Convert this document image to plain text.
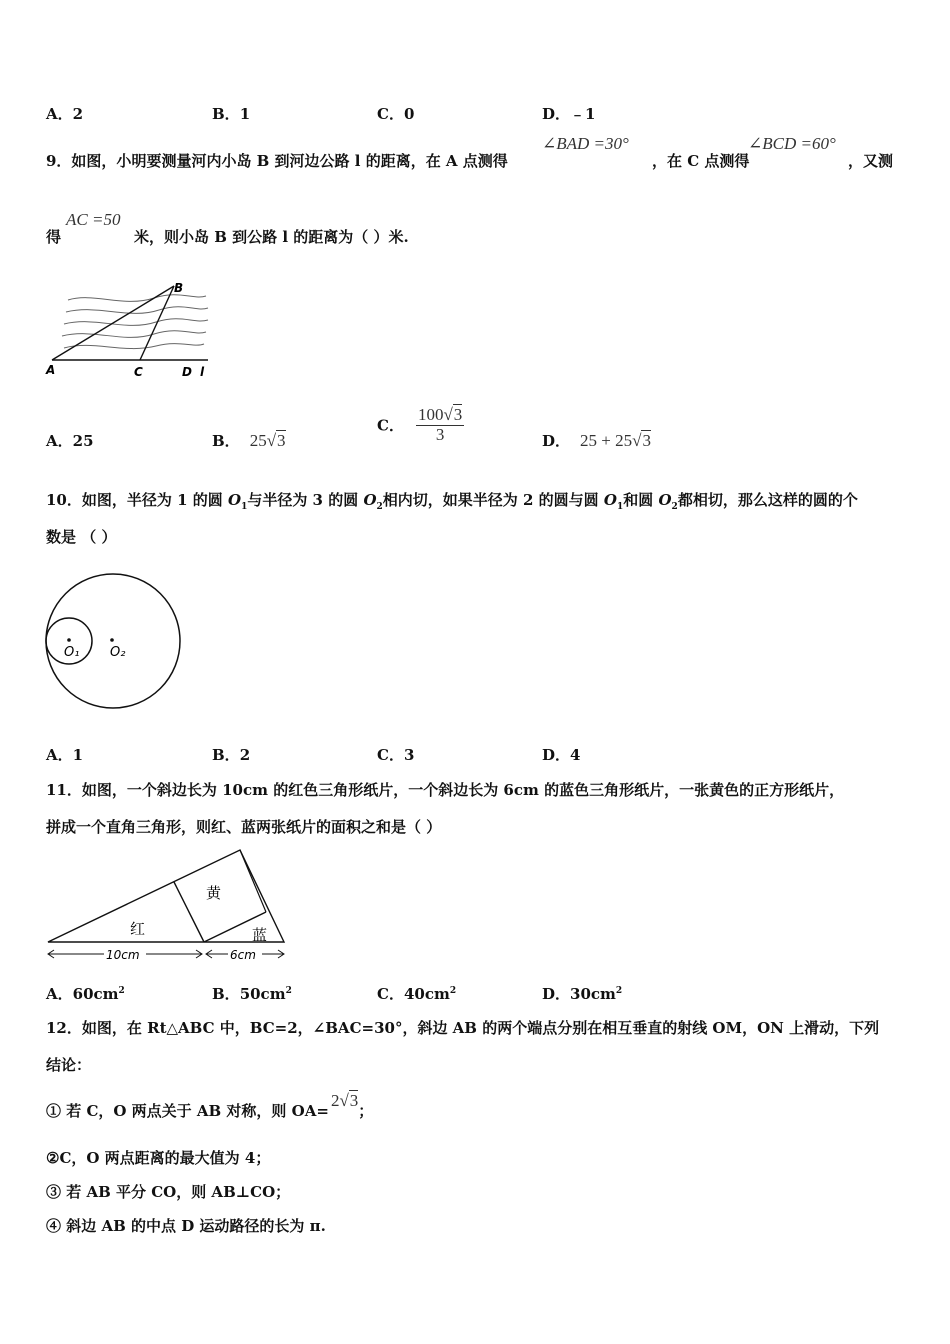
A．2	B．1	C．0	D．﹣1
9．如图，小明要测量河内小岛 B 到河边公路 l 的距离，在 A 点测得
∠BAD =30°
，在 C 点测得
∠BCD =60°
，又测
得
AC =50
米，则小岛 B 到公路 l 的距离为（ ）米.
A
B
C	D l
A．25	B． 25√3
C． $\frac{100√3}{3}$	D． 25 + 25√3
10．如图，半径为 1 的圆 $O_1$与半径为 3 的圆 $O_2$相内切，如果半径为 2 的圆与圆 $O_1$和圆 $O_2$都相切，那么这样的圆的个
数是 （ ）
O₁ O₂
A．1	B．2	C．3	D．4
11．如图，一个斜边长为 10cm 的红色三角形纸片，一个斜边长为 6cm 的蓝色三角形纸片，一张黄色的正方形纸片，
拼成一个直角三角形，则红、蓝两张纸片的面积之和是（ ）
红
黄
蓝
10cm	6cm
A．$60cm^2$	B．$50cm^2$	C．$40cm^2$	D．$30cm^2$
12．如图，在 Rt△ABC 中，BC=2，∠BAC=30°，斜边 AB 的两个端点分别在相互垂直的射线 OM，ON 上滑动，下列
结论：
① 若 C，O 两点关于 AB 对称，则 OA=2√3；
②C，O 两点距离的最大值为 4；
③ 若 AB 平分 CO，则 AB⊥CO；
④ 斜边 AB 的中点 D 运动路径的长为 π.
